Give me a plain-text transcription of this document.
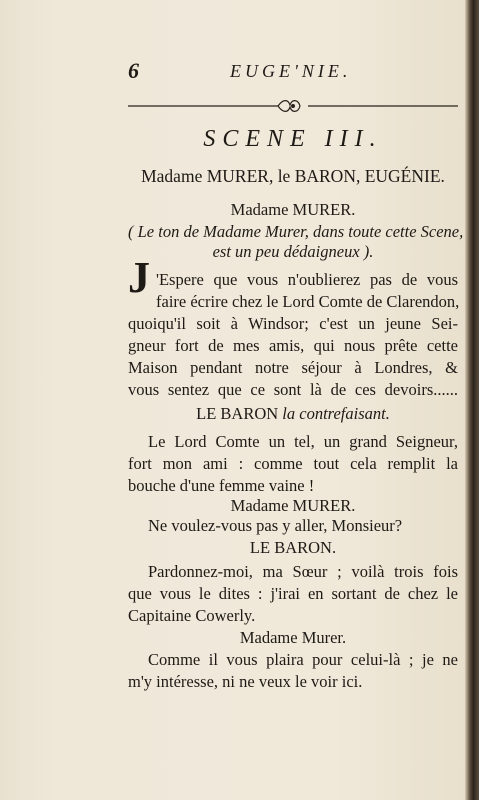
6	EUGE'NIE.
SCENE III.
Madame MURER, le BARON, EUGÉNIE.
Madame MURER.
( Le ton de Madame Murer, dans toute cette Scene,
est un peu dédaigneux ).
J 'Espere que vous n'oublierez pas de vous
faire écrire chez le Lord Comte de Clarendon,
quoiqu'il soit à Windsor; c'est un jeune Sei-
gneur fort de mes amis, qui nous prête cette
Maison pendant notre séjour à Londres, &
vous sentez que ce sont là de ces devoirs......
LE BARON la contrefaisant.
Le Lord Comte un tel, un grand Seigneur,
fort mon ami : comme tout cela remplit la
bouche d'une femme vaine !
Madame MURER.
Ne voulez-vous pas y aller, Monsieur?
LE BARON.
Pardonnez-moi, ma Sœur ; voilà trois fois
que vous le dites : j'irai en sortant de chez le
Capitaine Cowerly.
Madame Murer.
Comme il vous plaira pour celui-là ; je ne
m'y intéresse, ni ne veux le voir ici.
